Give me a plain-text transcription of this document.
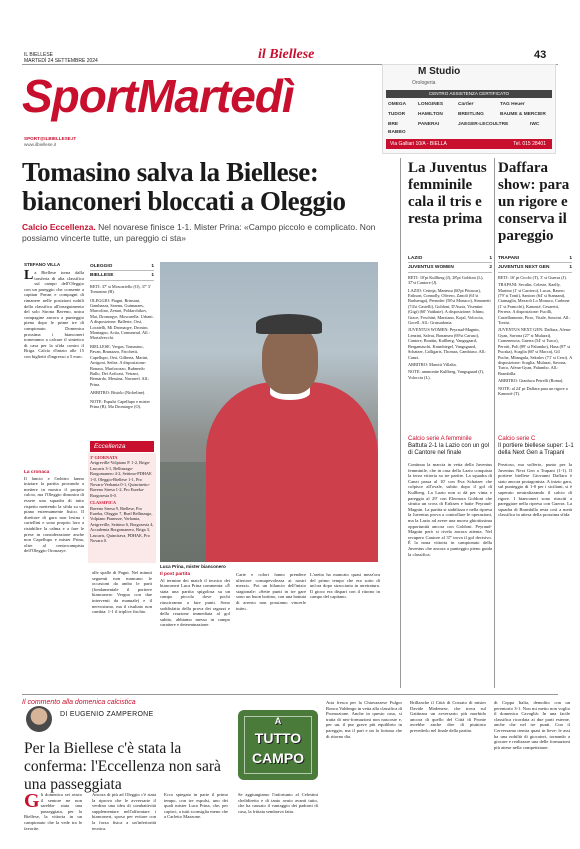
IL BIELLESE
MARTEDÌ 24 SETTEMBRE 2024	il Biellese	43
SportMartedì
SPORT@ILBIELLESE.IT
www.ilbiellese.it
M Studio
Orologeria
CENTRO ASSISTENZA CERTIFICATO
OMEGA LONGINES	Cartier	TAG Heuer
TUDOR	HAMILTON	BREITLING	BAUME & MERCIER
BRE	PANERAI
BABBO
JAEGER-LECOULTRE	IWC
Via Galliari 10/A - BIELLA	Tel. 015 28401
Tomasino salva la Biellese: bianconeri bloccati a Oleggio
Calcio Eccellenza. Nel novarese finisce 1-1. Mister Prina: «Campo piccolo e complicato. Non possiamo vincerte tutte, un pareggio ci sta»
STEFANO VILLA
L a Biellese torna dalla trasferta di alta classifica sul campo dell'Oleggio con un pareggio che consente a capitan Pavan e compagni di rimanere nelle posizioni nobili della classifica all'inseguimento del solo Strona Baveno, unica compagine ancora a punteggio pieno dopo le prime tre di campionato. Domenica prossima i bianconeri torneranno a calcare il sintetico di casa per la sfida contro il Briga. Calcio d'inizio alle 15 con biglietti d'ingresso a 5 euro.
La cronaca
Il lancio e l'arbitro fanno iniziare la partita provando a mettere in mostra il proprio calcio, ma l'Oleggio dimostra di essere una squadra di tutto rispetto mettendo la sfida su un piano estremamente fisico. Il direttore di gara non lesina i cartellini e sono proprio loro a ristabilire la calma e a fare le prese in considerazione anche non Capellupo e mister Prina, oltre al centrocampista dell'Oleggio Oronzaye.
OLEGGIO	1
BIELLESE	1

RETI: 37' st Moscariello (O), 37' 3' Tomasino (B).

OLEGGIO: Piagni, Brinsani, Gambazza, Sarenu, Guimaraes, Marcolino, Zenari, Poldarchikov, Mai, Dromaqye, Moscarella. Urbani. A disposizione: Balleste, Orsi, Locatelli, Mi Dromaqye, Droniro, Montagno, Actia, Comuneral. All.: Mortalvecchi.

BIELLESE: Vergas, Tomasino, Pavan, Brunazzo, Facchetti, Capellupo, Orsi, Gilberta, Marini, Arrigoni, Seilea. A disposizione: Bonaso, Marfosozzo, Rubnerdo Bullo, Dei Aoficasi, Vetrani, Bernardo, Messina, Navarrel. All.: Prina.

ARBITRO: Bisiolo (Nicheline).

NOTE: Espulsi Capellupo e mister Prina (B). Ma Dromaqye (O).

Eccellenza
3ª GIORNATA

Avigreville-Volpiano P. 1-2, Briga-Lascaris 3-1, Bellinzago-Borgomanero 4-2, Settimo-PDHAE 1-0, Oleggio-Biellese 1-1, Pro Novara-Verbania 0-1, Quincinetto-Baveno Stresa 1-2, Pro Eureka-Borgosesia 0-0.

CLASSIFICA

Baveno Stresa 9, Biellese, Pro Eureka, Oleggio 7, Buel Bellinzago, Volpiano Pianezze, Verbania, Avigreville, Settimo 6, Borgosesia 4, Accademia Borgomanero, Briga 3, Lascaris, Quincitava, PDHAE, Pro Novara 0.

Luca Prina, mister bianconero
alle spalle di Pagni. Nel minuti seguenti non mancano le occasioni da ambo le parti (fondamentale il portiere bianconero Vergna con due interventi da manuale) e il nervosismo, ma il risultato non cambia: 1-1 il triplice fischio.
Il post partita
Al termine dei match il tecnico dei bianconeri Luca Prina commenta: «È stata una partita spigolosa su un campo piccolo dove pochi riuscirranno a fare punti. Sono soddisfatto della prova dei ragazzi e della reazione immediata al gol subito, abbiamo messo in campo carattere e determinazione.
Carte e colori fanno prendere ulteriore consapevolezza ai nostri mezzi». Poi un bilancio dell'inizio stagionale: «Sette punti in tre gare sono un buon bottino, con una battuta di arresto non possiamo vincerle tutte».
L'aretta ha mancato quasi mezz'ora del primo tempo che era sotto di un'ora dopo stracciaria in arretratura. Il gioco era dispari con il ritorno in campo del capitano.
La Juventus femminile cala il tris e resta prima
LAZIO	1
JUVENTUS WOMEN	2

RETI: 10'pt Kullberg (J), 28'pt Goldoni (L), 37'st Cantore (J).

LAZIO: Cetinja, Manessa (60'pt Pittacus), Erikson, Connolly, Olivero, Zanoli (61'st Barluenga), Pernoder (58'st Monaco), Simonetti (74'st Castelli), Goldoni, D'Auria, Visentini (Gigi) (60' Vaitkute). A disposizione: Ichino, Grace, Foschini, Marziano, Kojal, Voloccia, Gocell. All.: Grassadonia.

JUVENTUS WOMEN: Peyraud-Magnin, Lenzini, Salvai, Bonansea (69'st Caruso), Cantore, Boattin, Kullberg, Vangsgaard, Bergamaschi, Krumbiegel, Vangsgaard, Schatzer, Calligaris, Thomas, Cambiaso. All.: Canzi.

ARBITRO: Marotti Villalta.

NOTE: ammonite Kullberg, Vangsgaard (J), Voloccia (L).

Calcio serie A femminile
Battuta 2-1 la Lazio con un gol di Cantore nel finale
Continua la marcia in vetta della Juventus femminile, che in casa della Lazio conquista la terza vittoria su tre partite. La squadra di Canzi passa al 10' con Eva Schatzer che colpisce all'ovale, subito dopo il gol di Kullberg. La Lazio non si dà per vinta e pareggia al 29' con Eleonora Goldoni che sfrutta un cross di Eriksen e batte Peyraud-Magnin. La partita si stabilizza e nella ripresa la Juventus prova a controllare le operazioni, ma la Lazio ad avere una nuova ghiottissima opportunità ancora con Goldoni. Peyraud-Magnin però si rivela ancora attenta. Nel recupero Cantore al 37' trova il gol decisivo. È la nona vittoria in campionato della Juventus che ancora a punteggio pieno guida la classifica.
Daffara show: para un rigore e conserva il pareggio
TRAPANI	1
JUVENTUS NEXT GEN	1

RETI: 16' pt Cicchi (T), 3' st Guerra (J).

TRAPANI: Seculin, Celeste, Kaelly, Martino (1' st Carriero), Lucas, Rasero (79' st Tonti), Santoro (64' st Stanzani), Ciamaglia, Mezzoli Lo Monaco, Carbone (1' st Francchi), Kanouté, Cesaretti, Ferrera. A disposizione: Fucilli, Castellamonte, Pirro, Vitale, Soncini. All.: Torrisi.

JUVENTUS NEXT GEN: Daffara, Afena-Gyan, Savona (27' st Mulazzi), Comenencia, Guerra (54' st Turco), Perotti, Poli (89' st Palumbo), Hasa (87' st Puczka), Scaglia (60' st Macca), Gil Puche, Mbangula, Sekulov (71' st Cerri). A disposizione: Scaglia, Mulazzi, Savona, Turco, Afena-Gyan, Palumbo. All.: Brambilla.

ARBITRO: Gianluca Petrelli (Roma).

NOTE: al 24' pt Daffara para un rigore a Kanouté (T).

Calcio serie C
Il portiere biellese super: 1-1 della Next Gen a Trapani
Prezioso, ma sofferto, punto per la Juventus Next Gen a Trapani (1-1). Il portiere biellese Giovanni Daffara è stato ancora protagonista. A inizio gara, sul punteggio di 1-0 per i siciliani, si è superato neutralizzando il calcio di rigore. I bianconeri sono riusciti a pareggiare nella ripresa con Guerra. La squadra di Brambilla resta così a metà classifica in attesa della prossima sfida.
Il commento alla domenica calcistica
DI EUGENIO ZAMPERONE
Per la Biellese c'è stata la conferma: l'Eccellenza non sarà una passeggiata
G li domenica sei avuto il sentore ne non sarebbe stata una passeggiata, per la Biellese, la vittoria in un campionato che la vede tra le favorite.
Ancora di più ad Oleggio c'è stata la riprova che le avversarie il verdino una idea di combattività supplementare nell'affrontare i bianconeri, sposo per evitare con la forza fisica a un'inferiorità tecnica.
Ecco spiegato in parte il primo tempo, con tre espulsi, uno dei quali mister Luca Prina, che, per capirci, a tutti sconsiglia meno che a Carletto Mazzone.
A
TUTTO
CAMPO
Se aggiungiamo l'infortunio al Celestini chelidiretto e di tanto avuto avanti tutto, che ha causato il vantaggio dei padroni di casa, la frittata sembrava fatta.
Aria fresca per la Chiavazzese Fulgor Ronco Valdengo in vetta alla classifica di Promozione. Anche in questo caso, si tratta di neo-formazioni non nascoste e, per un, il pur grave più equilibrio in pareggio, ma il pari e un la fortuna che di ritorno dia.
Brillanche il Città di Cossato di mister Davide Modenese, che trova sul Gattinara un avversario più morbido ancora di quello del Città di Pronte avrebbe anche dire di piuttosto prevederlo nel finale della partita.
di Coppa Italia, demolito con un perentorio 3-1. Non mi metto non voglio il domenica Cavaglià: In una facile classifica ricordata ai due parti esterne, anche che nel tre punti. Con il Cerversama rientra quasi in lieve: le assi ha una nobiltà di giocatori, tornando a giocare e realizzare una delle formazioni più attese nella competizione.
